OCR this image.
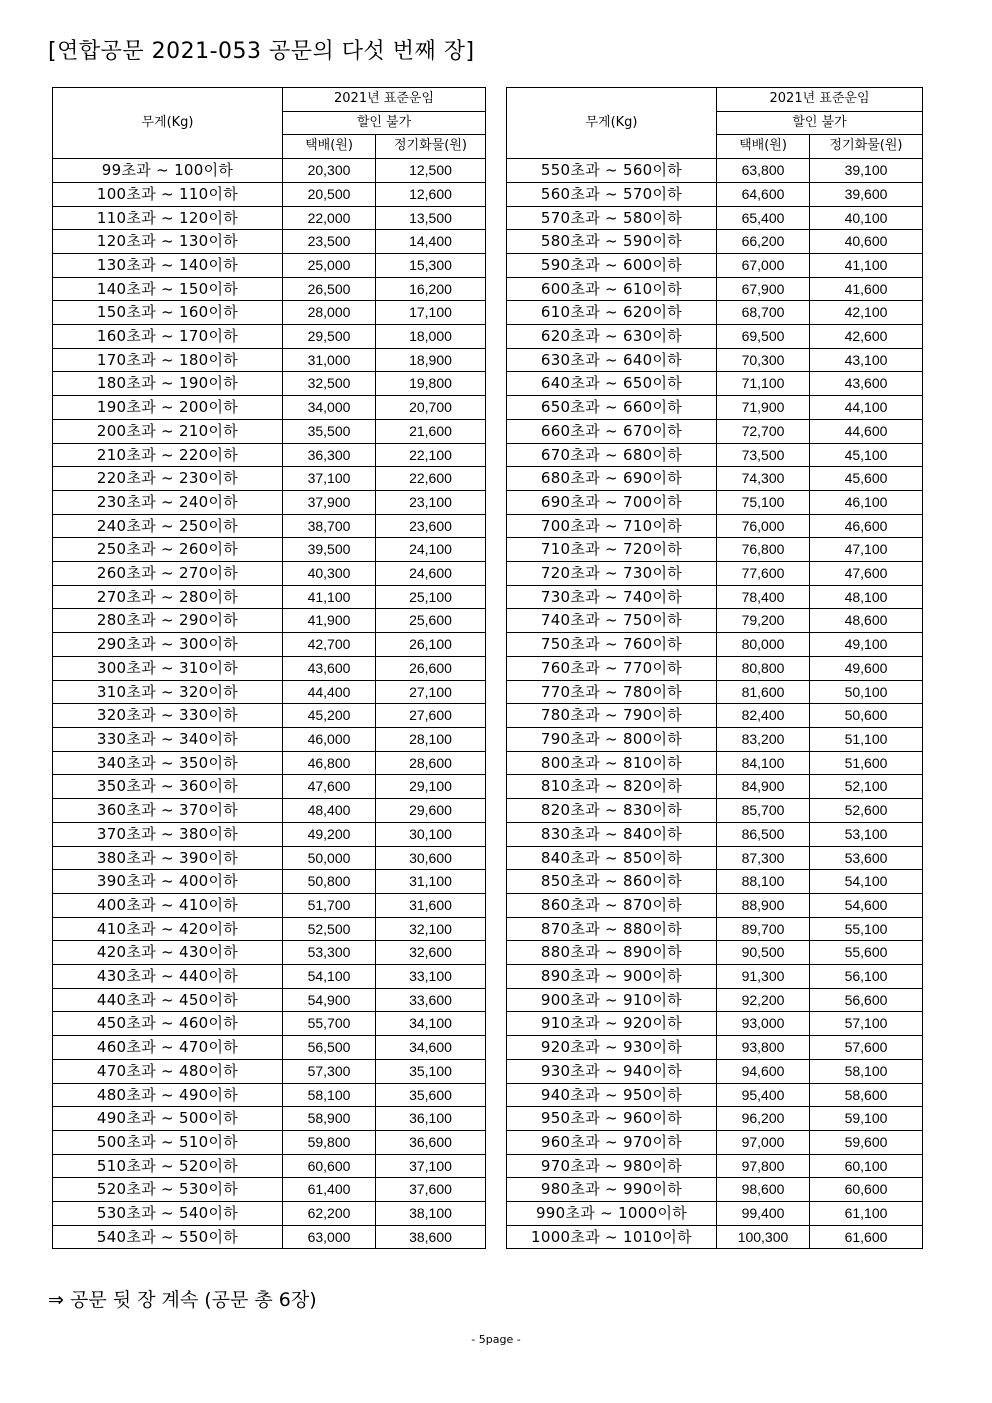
[연합공문 2021-053 공문의 다섯 번째 장]
무게(Kg)	2021년 표준운임	
	할인 불가	
	택배(원)	정기화물(원)
99초과 ~ 100이하	20,300	12,500
100초과 ~ 110이하	20,500	12,600
110초과 ~ 120이하	22,000	13,500
120초과 ~ 130이하	23,500	14,400
130초과 ~ 140이하	25,000	15,300
140초과 ~ 150이하	26,500	16,200
150초과 ~ 160이하	28,000	17,100
160초과 ~ 170이하	29,500	18,000
170초과 ~ 180이하	31,000	18,900
180초과 ~ 190이하	32,500	19,800
190초과 ~ 200이하	34,000	20,700
200초과 ~ 210이하	35,500	21,600
210초과 ~ 220이하	36,300	22,100
220초과 ~ 230이하	37,100	22,600
230초과 ~ 240이하	37,900	23,100
240초과 ~ 250이하	38,700	23,600
250초과 ~ 260이하	39,500	24,100
260초과 ~ 270이하	40,300	24,600
270초과 ~ 280이하	41,100	25,100
280초과 ~ 290이하	41,900	25,600
290초과 ~ 300이하	42,700	26,100
300초과 ~ 310이하	43,600	26,600
310초과 ~ 320이하	44,400	27,100
320초과 ~ 330이하	45,200	27,600
330초과 ~ 340이하	46,000	28,100
340초과 ~ 350이하	46,800	28,600
350초과 ~ 360이하	47,600	29,100
360초과 ~ 370이하	48,400	29,600
370초과 ~ 380이하	49,200	30,100
380초과 ~ 390이하	50,000	30,600
390초과 ~ 400이하	50,800	31,100
400초과 ~ 410이하	51,700	31,600
410초과 ~ 420이하	52,500	32,100
420초과 ~ 430이하	53,300	32,600
430초과 ~ 440이하	54,100	33,100
440초과 ~ 450이하	54,900	33,600
450초과 ~ 460이하	55,700	34,100
460초과 ~ 470이하	56,500	34,600
470초과 ~ 480이하	57,300	35,100
480초과 ~ 490이하	58,100	35,600
490초과 ~ 500이하	58,900	36,100
500초과 ~ 510이하	59,800	36,600
510초과 ~ 520이하	60,600	37,100
520초과 ~ 530이하	61,400	37,600
530초과 ~ 540이하	62,200	38,100
540초과 ~ 550이하	63,000	38,600
무게(Kg)	2021년 표준운임	
	할인 불가	
	택배(원)	정기화물(원)
550초과 ~ 560이하	63,800	39,100
560초과 ~ 570이하	64,600	39,600
570초과 ~ 580이하	65,400	40,100
580초과 ~ 590이하	66,200	40,600
590초과 ~ 600이하	67,000	41,100
600초과 ~ 610이하	67,900	41,600
610초과 ~ 620이하	68,700	42,100
620초과 ~ 630이하	69,500	42,600
630초과 ~ 640이하	70,300	43,100
640초과 ~ 650이하	71,100	43,600
650초과 ~ 660이하	71,900	44,100
660초과 ~ 670이하	72,700	44,600
670초과 ~ 680이하	73,500	45,100
680초과 ~ 690이하	74,300	45,600
690초과 ~ 700이하	75,100	46,100
700초과 ~ 710이하	76,000	46,600
710초과 ~ 720이하	76,800	47,100
720초과 ~ 730이하	77,600	47,600
730초과 ~ 740이하	78,400	48,100
740초과 ~ 750이하	79,200	48,600
750초과 ~ 760이하	80,000	49,100
760초과 ~ 770이하	80,800	49,600
770초과 ~ 780이하	81,600	50,100
780초과 ~ 790이하	82,400	50,600
790초과 ~ 800이하	83,200	51,100
800초과 ~ 810이하	84,100	51,600
810초과 ~ 820이하	84,900	52,100
820초과 ~ 830이하	85,700	52,600
830초과 ~ 840이하	86,500	53,100
840초과 ~ 850이하	87,300	53,600
850초과 ~ 860이하	88,100	54,100
860초과 ~ 870이하	88,900	54,600
870초과 ~ 880이하	89,700	55,100
880초과 ~ 890이하	90,500	55,600
890초과 ~ 900이하	91,300	56,100
900초과 ~ 910이하	92,200	56,600
910초과 ~ 920이하	93,000	57,100
920초과 ~ 930이하	93,800	57,600
930초과 ~ 940이하	94,600	58,100
940초과 ~ 950이하	95,400	58,600
950초과 ~ 960이하	96,200	59,100
960초과 ~ 970이하	97,000	59,600
970초과 ~ 980이하	97,800	60,100
980초과 ~ 990이하	98,600	60,600
990초과 ~ 1000이하	99,400	61,100
1000초과 ~ 1010이하	100,300	61,600
⇒ 공문 뒷 장 계속 (공문 총 6장)
- 5page -
